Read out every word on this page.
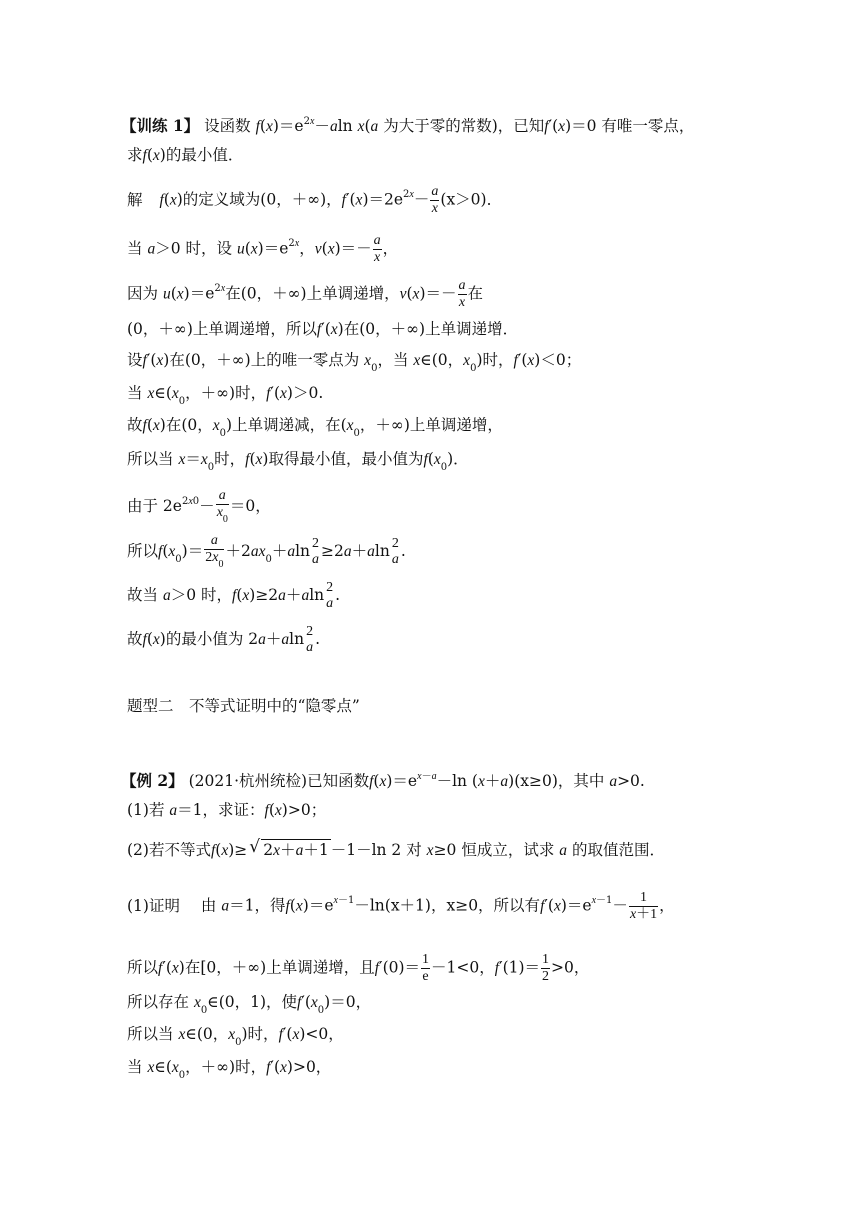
【训练 1】 设函数 $f(x)=e^{2x}-aln$ x(a 为大于零的常数)，已知f′(x)＝0 有唯一零点，
求f(x)的最小值．
解 f(x)的定义域为(0，＋∞)，$f'(x)=2e^{2x}- \frac{a}{x} (x>0)$．
当 a＞0 时，设 $u(x)=e^{2x}$，$v(x)=- \frac{a}{x}$ ，
因为 $u(x)=e^{2x}$在(0，＋∞)上单调递增，$v(x)=- \frac{a}{x}$ 在
(0，＋∞)上单调递增，所以f′(x)在(0，＋∞)上单调递增．
设f′(x)在(0，＋∞)上的唯一零点为 $x_0$，当 x∈(0，$x_0$)时，f′(x)＜0；
当 $x\in(x_0$，＋∞)时，f′(x)＞0.
故f(x)在(0，$x_0$)上单调递减，在($x_0$，＋∞)上单调递增，
所以当 $x=x_0$时，f(x)取得最小值，最小值为$f(x_0)$．
由于 $2e^{2x0}- \frac{a}{x_0} =0$，
所以$f(x_0)= \frac{a}{2x_0} +2ax_0+aln$ 2
a ≥2a＋aln 2
a .
故当 a＞0 时，f(x)≥2a＋aln 2
a .
故f(x)的最小值为 2a＋aln 2
a .
题型二　不等式证明中的“隐零点”
【例 2】 (2021·杭州统检)已知函数$f(x)=e^{x-a}-\ln$ (x＋a)(x≥0)，其中 a>0.
(1)若 a＝1，求证：f(x)>0；
(2)若不等式f(x)≥√ 2x＋a＋1 －1－ln 2 对 x≥0 恒成立，试求 a 的取值范围．
(1)证明 由 a＝1，得$f(x)=e^{x-1}-\ln(x+1)$，x≥0，所以有$f'(x)=e^{x-1}- \frac{1}{x+1}$ ，
所以f′(x)在[0，＋∞)上单调递增，且$f'(0)= \frac{1}{e} -1<0$，$f'(1)= \frac{1}{2} >0$，
所以存在 $x_0\in(0$，1)，使$f'(x_0)=0$，
所以当 x∈(0，$x_0$)时，f′(x)<0，
当 $x\in(x_0$，＋∞)时，f′(x)>0，
